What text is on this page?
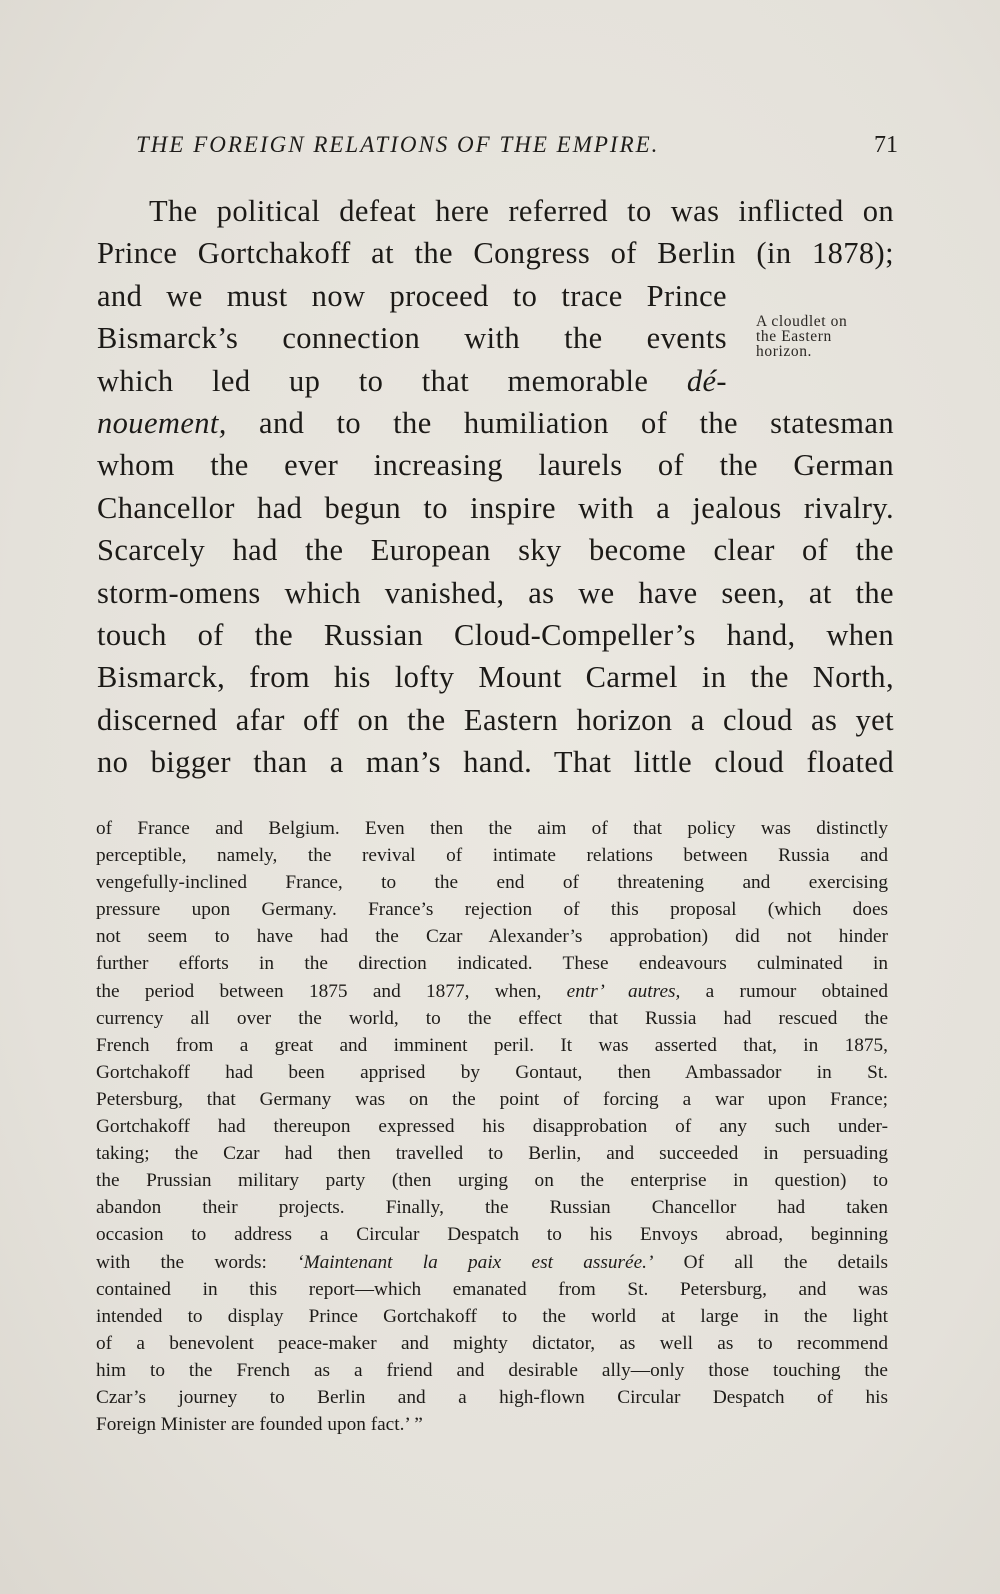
THE FOREIGN RELATIONS OF THE EMPIRE.	71
The political defeat here referred to was inflicted on
Prince Gortchakoff at the Congress of Berlin (in 1878);
and we must now proceed to trace Prince
Bismarck’s connection with the events
which led up to that memorable dé-
nouement, and to the humiliation of the statesman
whom the ever increasing laurels of the German
Chancellor had begun to inspire with a jealous rivalry.
Scarcely had the European sky become clear of the
storm-omens which vanished, as we have seen, at the
touch of the Russian Cloud-Compeller’s hand, when
Bismarck, from his lofty Mount Carmel in the North,
discerned afar off on the Eastern horizon a cloud as yet
no bigger than a man’s hand. That little cloud floated
A cloudlet on
the Eastern
horizon.
of France and Belgium. Even then the aim of that policy was distinctly
perceptible, namely, the revival of intimate relations between Russia and
vengefully-inclined France, to the end of threatening and exercising
pressure upon Germany. France’s rejection of this proposal (which does
not seem to have had the Czar Alexander’s approbation) did not hinder
further efforts in the direction indicated. These endeavours culminated in
the period between 1875 and 1877, when, entr’ autres, a rumour obtained
currency all over the world, to the effect that Russia had rescued the
French from a great and imminent peril. It was asserted that, in 1875,
Gortchakoff had been apprised by Gontaut, then Ambassador in St.
Petersburg, that Germany was on the point of forcing a war upon France;
Gortchakoff had thereupon expressed his disapprobation of any such under-
taking; the Czar had then travelled to Berlin, and succeeded in persuading
the Prussian military party (then urging on the enterprise in question) to
abandon their projects. Finally, the Russian Chancellor had taken
occasion to address a Circular Despatch to his Envoys abroad, beginning
with the words: ‘Maintenant la paix est assurée.’ Of all the details
contained in this report—which emanated from St. Petersburg, and was
intended to display Prince Gortchakoff to the world at large in the light
of a benevolent peace-maker and mighty dictator, as well as to recommend
him to the French as a friend and desirable ally—only those touching the
Czar’s journey to Berlin and a high-flown Circular Despatch of his
Foreign Minister are founded upon fact.’ ”
